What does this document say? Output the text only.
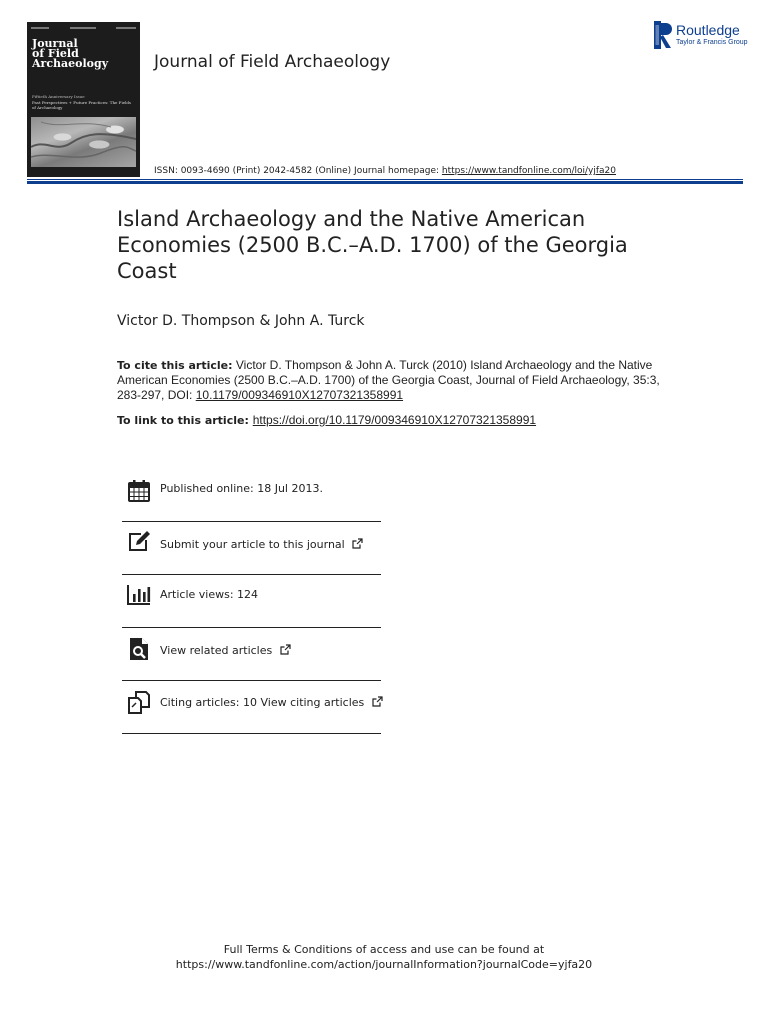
Journal
of Field
Archaeology
Fiftieth Anniversary Issue
Past Perspectives + Future Practices: The Fields of Archaeology
Journal of Field Archaeology
Routledge
Taylor & Francis Group
ISSN: 0093-4690 (Print) 2042-4582 (Online) Journal homepage: https://www.tandfonline.com/loi/yjfa20
Island Archaeology and the Native American Economies (2500 B.C.–A.D. 1700) of the Georgia Coast
Victor D. Thompson & John A. Turck
To cite this article: Victor D. Thompson & John A. Turck (2010) Island Archaeology and the Native American Economies (2500 B.C.–A.D. 1700) of the Georgia Coast, Journal of Field Archaeology, 35:3, 283-297, DOI: 10.1179/009346910X12707321358991
To link to this article: https://doi.org/10.1179/009346910X12707321358991
Published online: 18 Jul 2013.
Submit your article to this journal
Article views: 124
View related articles
Citing articles: 10 View citing articles
Full Terms & Conditions of access and use can be found at
https://www.tandfonline.com/action/journalInformation?journalCode=yjfa20
